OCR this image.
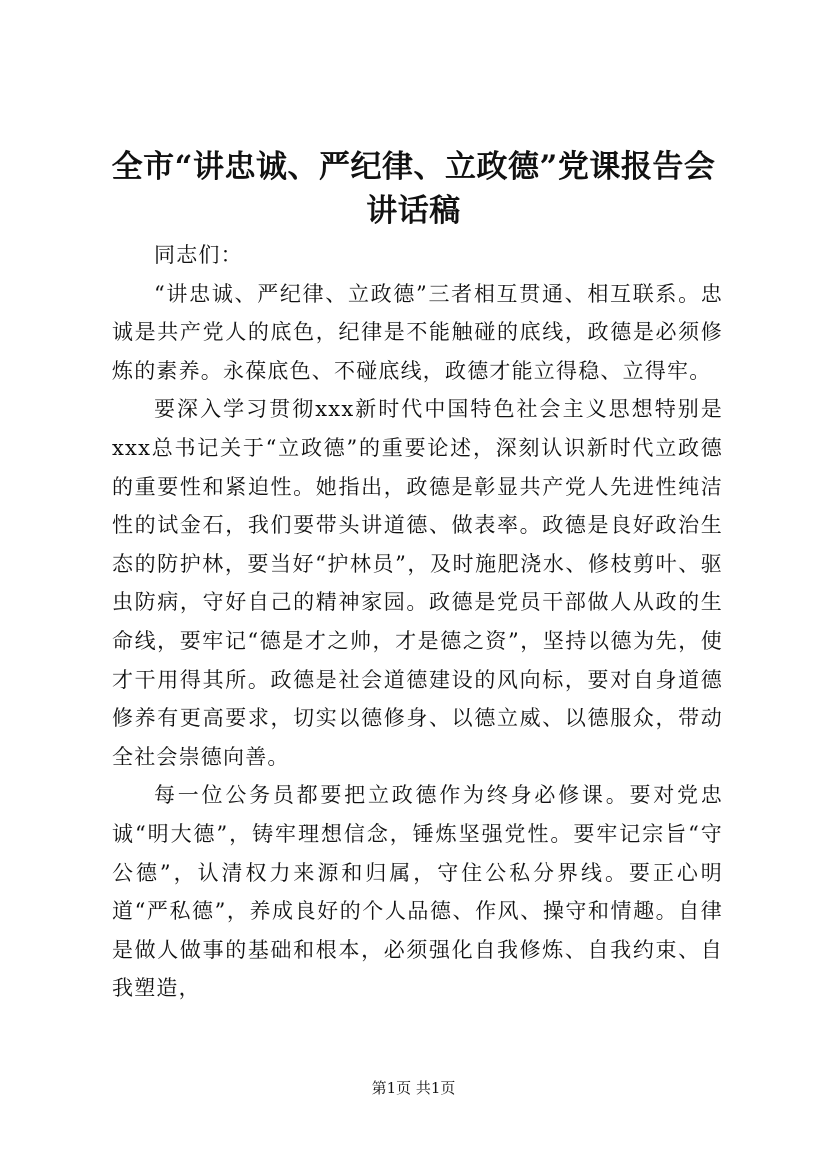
全市“讲忠诚、严纪律、立政德”党课报告会讲话稿

同志们：

“讲忠诚、严纪律、立政德”三者相互贯通、相互联系。忠诚是共产党人的底色，纪律是不能触碰的底线，政德是必须修炼的素养。永葆底色、不碰底线，政德才能立得稳、立得牢。

要深入学习贯彻xxx新时代中国特色社会主义思想特别是xxx总书记关于“立政德”的重要论述，深刻认识新时代立政德的重要性和紧迫性。她指出，政德是彰显共产党人先进性纯洁性的试金石，我们要带头讲道德、做表率。政德是良好政治生态的防护林，要当好“护林员”，及时施肥浇水、修枝剪叶、驱虫防病，守好自己的精神家园。政德是党员干部做人从政的生命线，要牢记“德是才之帅，才是德之资”，坚持以德为先，使才干用得其所。政德是社会道德建设的风向标，要对自身道德修养有更高要求，切实以德修身、以德立威、以德服众，带动全社会崇德向善。

每一位公务员都要把立政德作为终身必修课。要对党忠诚“明大德”，铸牢理想信念，锤炼坚强党性。要牢记宗旨“守公德”，认清权力来源和归属，守住公私分界线。要正心明道“严私德”，养成良好的个人品德、作风、操守和情趣。自律是做人做事的基础和根本，必须强化自我修炼、自我约束、自我塑造，

第1页 共1页
